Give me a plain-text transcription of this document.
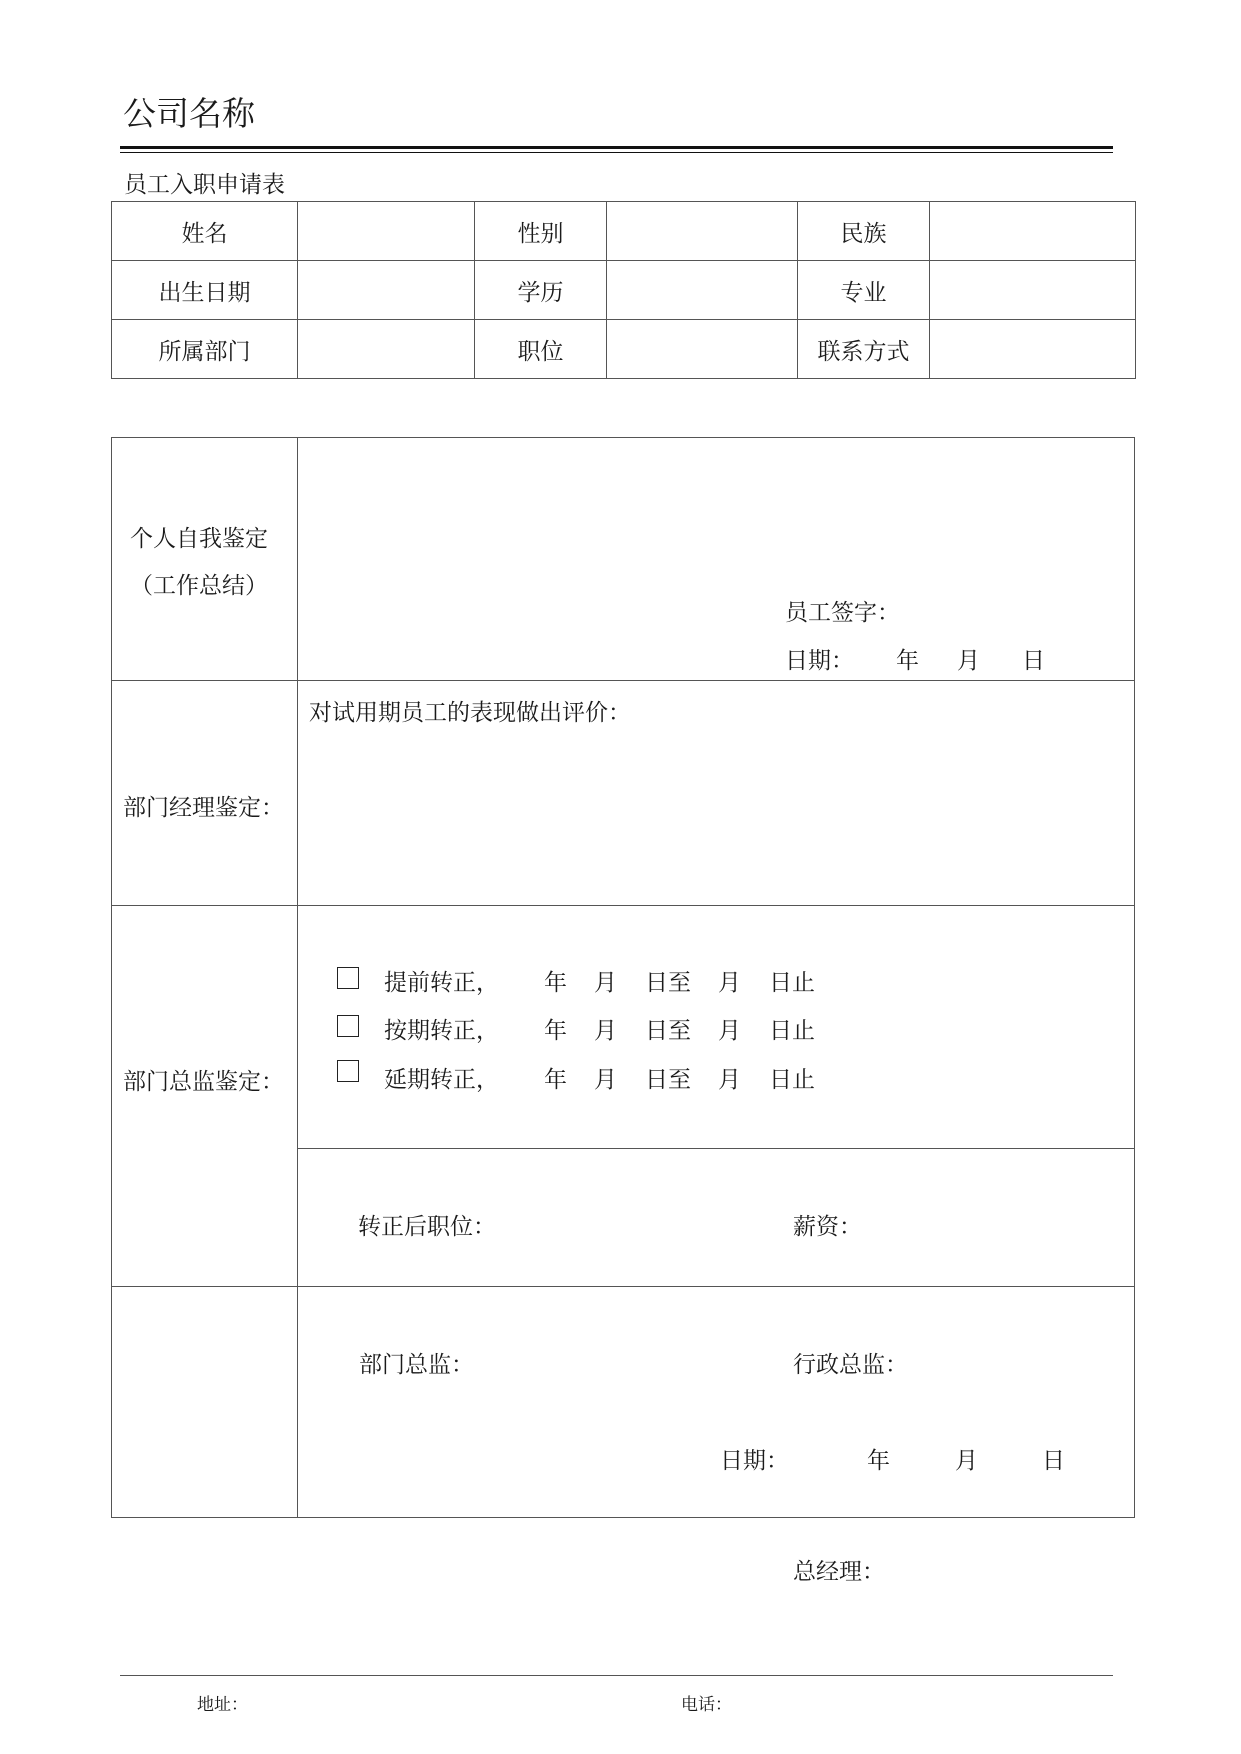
公司名称
员工入职申请表
姓名		性别		民族	
出生日期		学历		专业	
所属部门		职位		联系方式	
个人自我鉴定
（工作总结）
员工签字：
日期： 年 月 日
部门经理鉴定：
对试用期员工的表现做出评价：
部门总监鉴定：
提前转正， 年 月 日至 月 日止
按期转正， 年 月 日至 月 日止
延期转正， 年 月 日至 月 日止
转正后职位：	薪资：
部门总监：	行政总监：
日期：	年	月	日
总经理：
地址：	电话：
